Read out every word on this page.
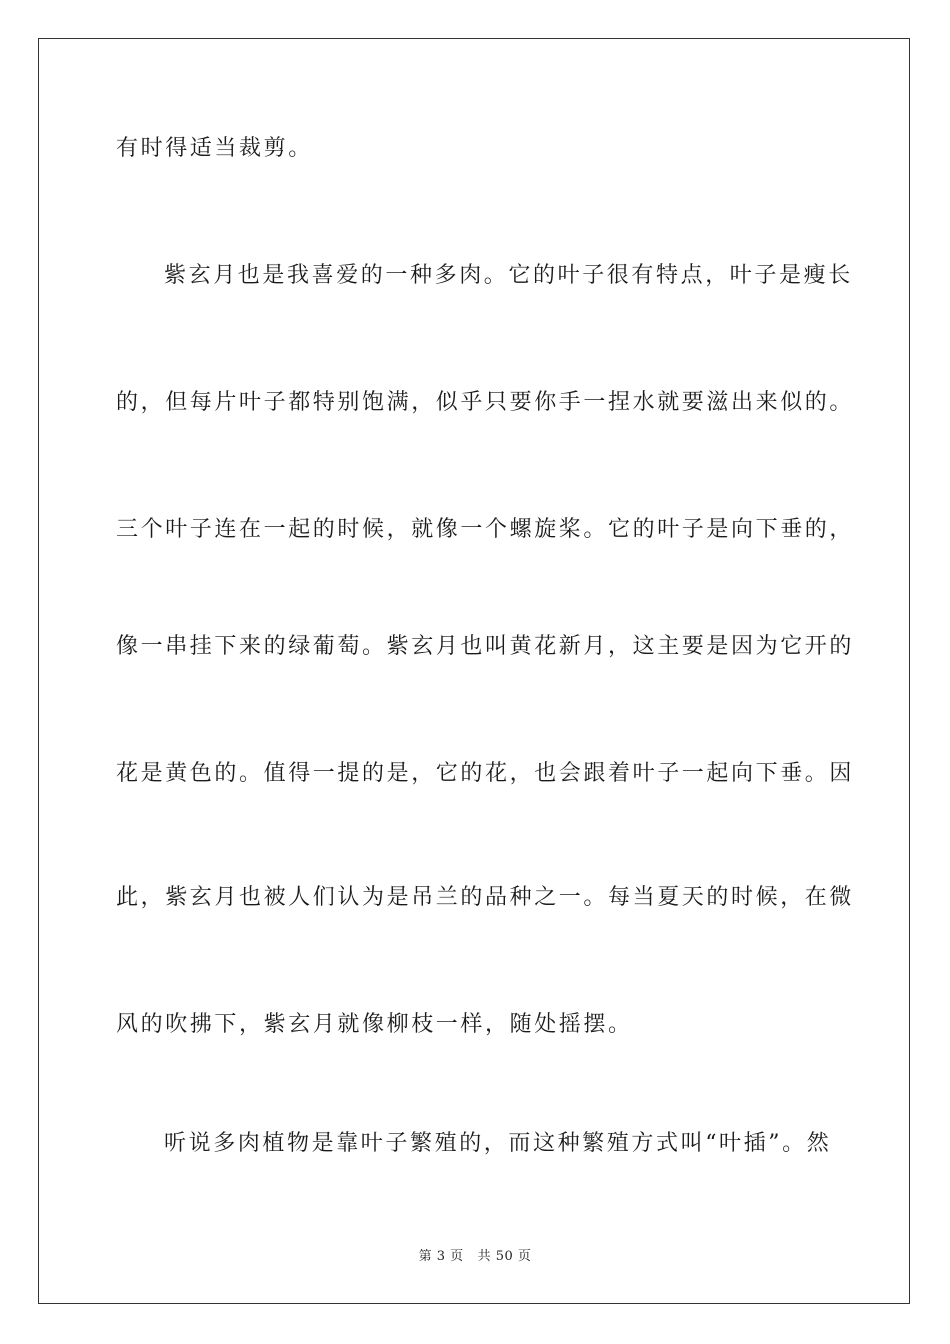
有时得适当裁剪。
紫玄月也是我喜爱的一种多肉。它的叶子很有特点，叶子是瘦长
的，但每片叶子都特别饱满，似乎只要你手一捏水就要滋出来似的。
三个叶子连在一起的时候，就像一个螺旋桨。它的叶子是向下垂的，
像一串挂下来的绿葡萄。紫玄月也叫黄花新月，这主要是因为它开的
花是黄色的。值得一提的是，它的花，也会跟着叶子一起向下垂。因
此，紫玄月也被人们认为是吊兰的品种之一。每当夏天的时候，在微
风的吹拂下，紫玄月就像柳枝一样，随处摇摆。
听说多肉植物是靠叶子繁殖的，而这种繁殖方式叫“叶插”。然
第 3 页 共 50 页
